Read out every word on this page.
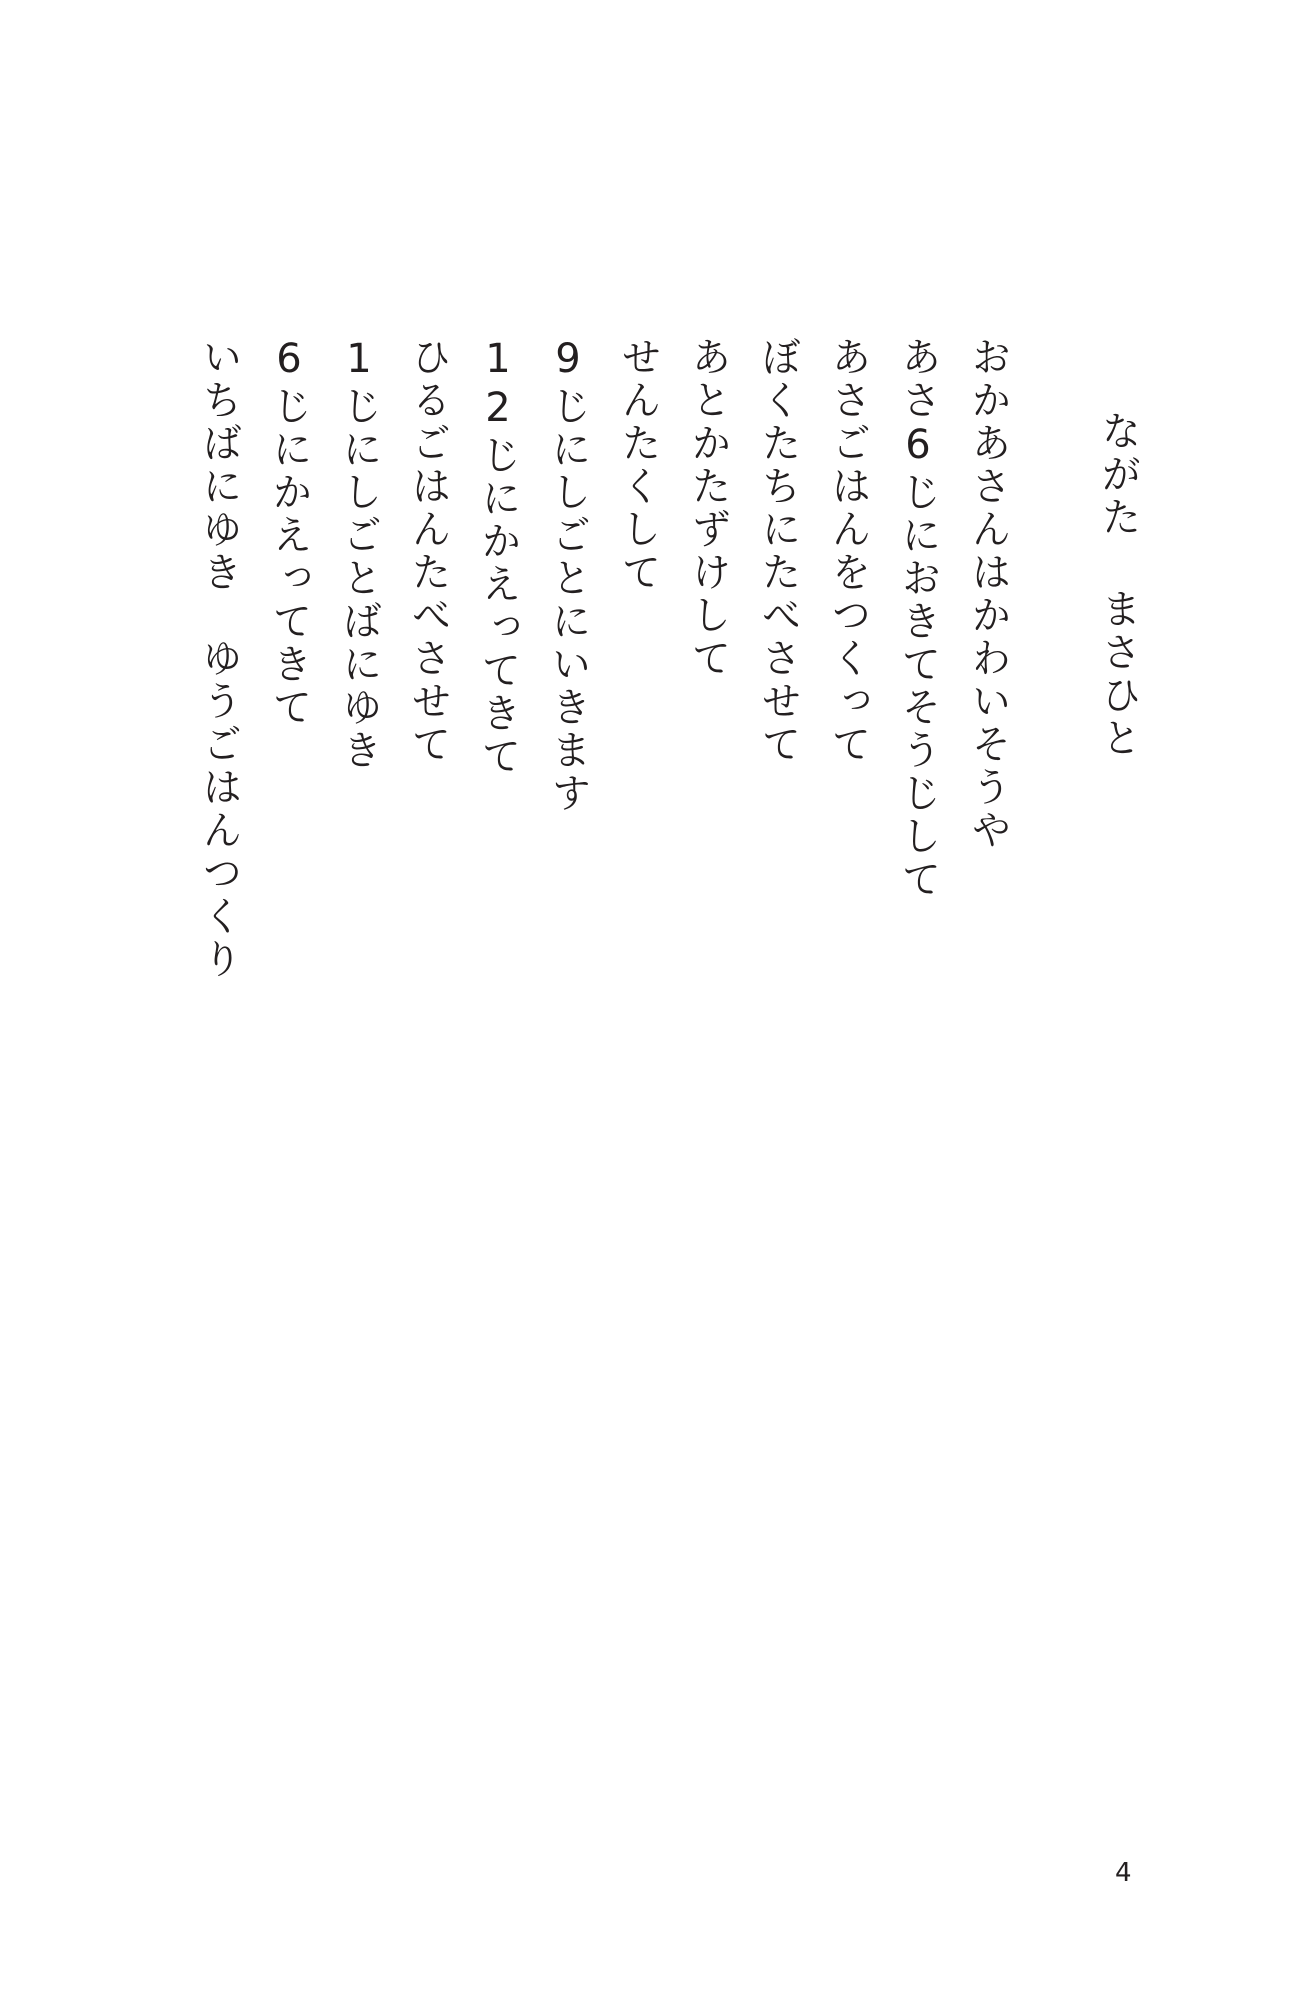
ながた まさひと
おかあさんはかわいそうや
あさ6じにおきてそうじして
あさごはんをつくって
ぼくたちにたべさせて
あとかたずけして
せんたくして
9じにしごとにいきます
12じにかえってきて
ひるごはんたべさせて
1じにしごとばにゆき
6じにかえってきて
いちばにゆき　ゆうごはんつくり
4
